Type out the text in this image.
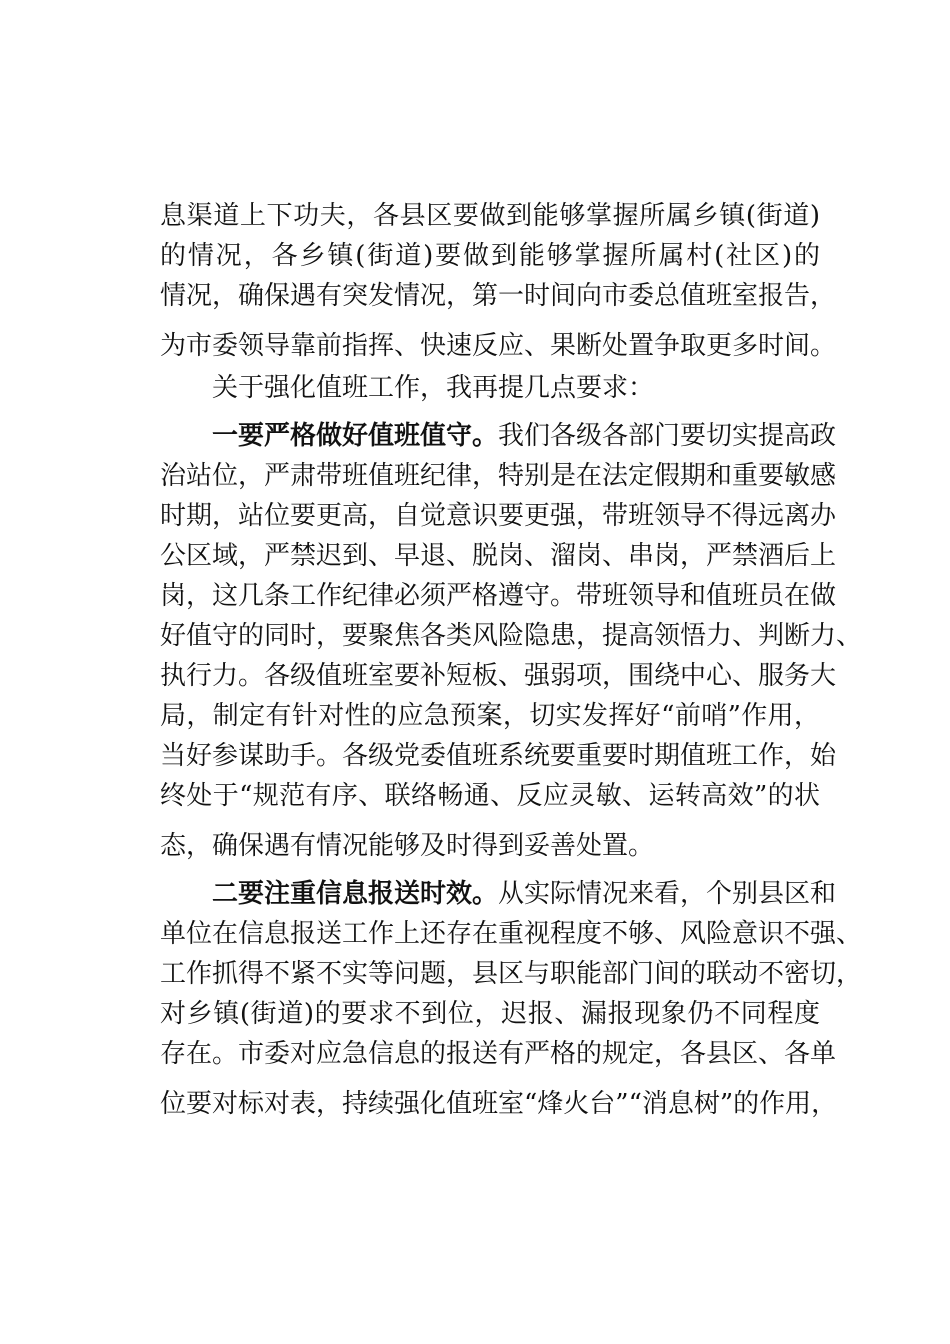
息渠道上下功夫，各县区要做到能够掌握所属乡镇(街道)
的情况，各乡镇(街道)要做到能够掌握所属村(社区)的
情况，确保遇有突发情况，第一时间向市委总值班室报告，
为市委领导靠前指挥、快速反应、果断处置争取更多时间。
关于强化值班工作，我再提几点要求：
一要严格做好值班值守。我们各级各部门要切实提高政
治站位，严肃带班值班纪律，特别是在法定假期和重要敏感
时期，站位要更高，自觉意识要更强，带班领导不得远离办
公区域，严禁迟到、早退、脱岗、溜岗、串岗，严禁酒后上
岗，这几条工作纪律必须严格遵守。带班领导和值班员在做
好值守的同时，要聚焦各类风险隐患，提高领悟力、判断力、
执行力。各级值班室要补短板、强弱项，围绕中心、服务大
局，制定有针对性的应急预案，切实发挥好“前哨”作用，
当好参谋助手。各级党委值班系统要重要时期值班工作，始
终处于“规范有序、联络畅通、反应灵敏、运转高效”的状
态，确保遇有情况能够及时得到妥善处置。
二要注重信息报送时效。从实际情况来看，个别县区和
单位在信息报送工作上还存在重视程度不够、风险意识不强、
工作抓得不紧不实等问题，县区与职能部门间的联动不密切，
对乡镇(街道)的要求不到位，迟报、漏报现象仍不同程度
存在。市委对应急信息的报送有严格的规定，各县区、各单
位要对标对表，持续强化值班室“烽火台”“消息树”的作用，
